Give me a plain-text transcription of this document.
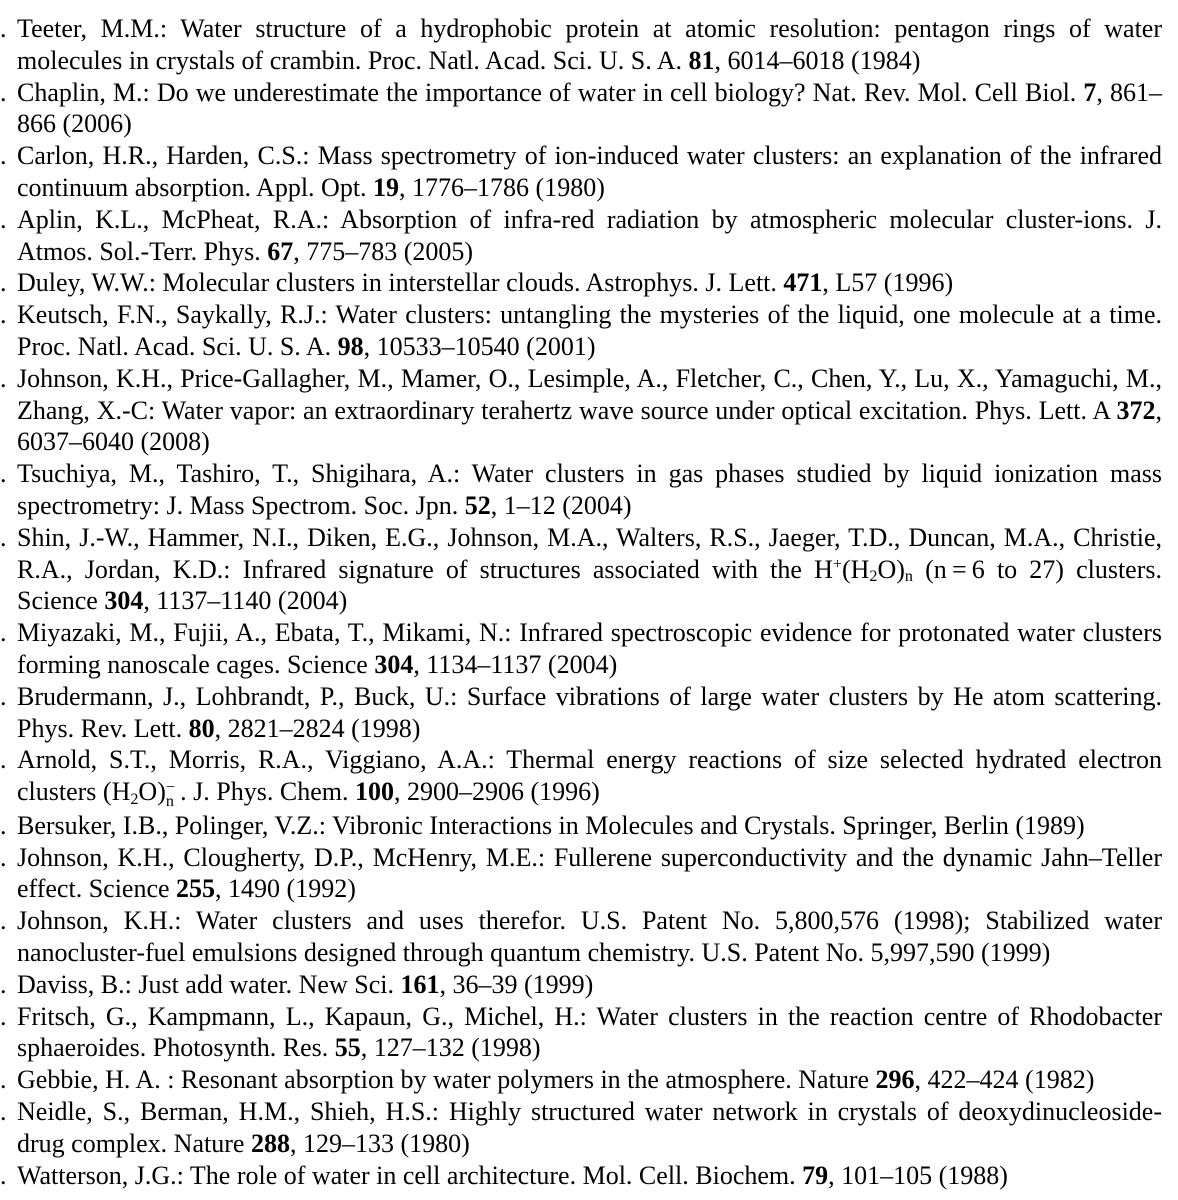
. Teeter, M.M.: Water structure of a hydrophobic protein at atomic resolution: pentagon rings of water molecules in crystals of crambin. Proc. Natl. Acad. Sci. U. S. A. 81, 6014–6018 (1984)
. Chaplin, M.: Do we underestimate the importance of water in cell biology? Nat. Rev. Mol. Cell Biol. 7, 861–866 (2006)
. Carlon, H.R., Harden, C.S.: Mass spectrometry of ion-induced water clusters: an explanation of the infrared continuum absorption. Appl. Opt. 19, 1776–1786 (1980)
. Aplin, K.L., McPheat, R.A.: Absorption of infra-red radiation by atmospheric molecular cluster-ions. J. Atmos. Sol.-Terr. Phys. 67, 775–783 (2005)
. Duley, W.W.: Molecular clusters in interstellar clouds. Astrophys. J. Lett. 471, L57 (1996)
. Keutsch, F.N., Saykally, R.J.: Water clusters: untangling the mysteries of the liquid, one molecule at a time. Proc. Natl. Acad. Sci. U. S. A. 98, 10533–10540 (2001)
. Johnson, K.H., Price-Gallagher, M., Mamer, O., Lesimple, A., Fletcher, C., Chen, Y., Lu, X., Yamaguchi, M., Zhang, X.-C: Water vapor: an extraordinary terahertz wave source under optical excitation. Phys. Lett. A 372, 6037–6040 (2008)
. Tsuchiya, M., Tashiro, T., Shigihara, A.: Water clusters in gas phases studied by liquid ionization mass spectrometry: J. Mass Spectrom. Soc. Jpn. 52, 1–12 (2004)
. Shin, J.-W., Hammer, N.I., Diken, E.G., Johnson, M.A., Walters, R.S., Jaeger, T.D., Duncan, M.A., Christie, R.A., Jordan, K.D.: Infrared signature of structures associated with the H+(H2O)n (n = 6 to 27) clusters. Science 304, 1137–1140 (2004)
. Miyazaki, M., Fujii, A., Ebata, T., Mikami, N.: Infrared spectroscopic evidence for protonated water clusters forming nanoscale cages. Science 304, 1134–1137 (2004)
. Brudermann, J., Lohbrandt, P., Buck, U.: Surface vibrations of large water clusters by He atom scattering. Phys. Rev. Lett. 80, 2821–2824 (1998)
. Arnold, S.T., Morris, R.A., Viggiano, A.A.: Thermal energy reactions of size selected hydrated electron clusters (H2O) −
n  . J. Phys. Chem. 100, 2900–2906 (1996)
. Bersuker, I.B., Polinger, V.Z.: Vibronic Interactions in Molecules and Crystals. Springer, Berlin (1989)
. Johnson, K.H., Clougherty, D.P., McHenry, M.E.: Fullerene superconductivity and the dynamic Jahn–Teller effect. Science 255, 1490 (1992)
. Johnson, K.H.: Water clusters and uses therefor. U.S. Patent No. 5,800,576 (1998); Stabilized water nanocluster-fuel emulsions designed through quantum chemistry. U.S. Patent No. 5,997,590 (1999)
. Daviss, B.: Just add water. New Sci. 161, 36–39 (1999)
. Fritsch, G., Kampmann, L., Kapaun, G., Michel, H.: Water clusters in the reaction centre of Rhodobacter sphaeroides. Photosynth. Res. 55, 127–132 (1998)
. Gebbie, H. A. : Resonant absorption by water polymers in the atmosphere. Nature 296, 422–424 (1982)
. Neidle, S., Berman, H.M., Shieh, H.S.: Highly structured water network in crystals of deoxydinucleoside-drug complex. Nature 288, 129–133 (1980)
. Watterson, J.G.: The role of water in cell architecture. Mol. Cell. Biochem. 79, 101–105 (1988)
